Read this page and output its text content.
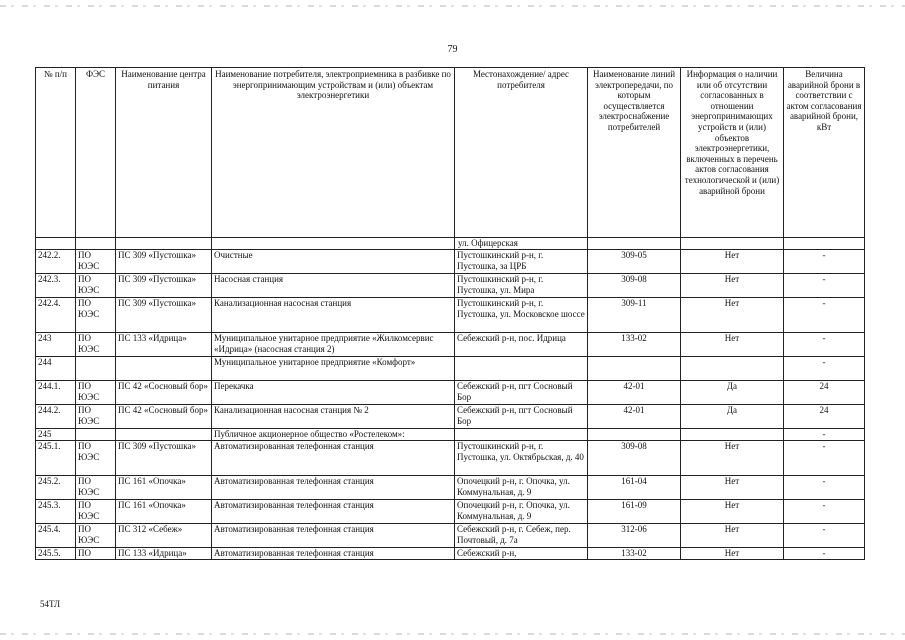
79
№ п/п	ФЭС	Наименование центра питания	Наименование потребителя, электроприемника в разбивке по энергопринимающим устройствам и (или) объектам электроэнергетики	Местонахождение/ адрес потребителя	Наименование линий электропередачи, по которым осуществляется электроснабжение потребителей	Информация о наличии или об отсутствии согласованных в отношении энергопринимающих устройств и (или) объектов электроэнергетики, включенных в перечень актов согласования технологической и (или) аварийной брони	Величина аварийной брони в соответствии с актом согласования аварийной брони, кВт
				ул. Офицерская			
242.2.	ПО ЮЭС	ПС 309 «Пустошка»	Очистные	Пустошкинский р-н, г. Пустошка, за ЦРБ	309-05	Нет	-
242.3.	ПО ЮЭС	ПС 309 «Пустошка»	Насосная станция	Пустошкинский р-н, г. Пустошка, ул. Мира	309-08	Нет	-
242.4.	ПО ЮЭС	ПС 309 «Пустошка»	Канализационная насосная станция	Пустошкинский р-н, г. Пустошка, ул. Московское шоссе	309-11	Нет	-
243	ПО ЮЭС	ПС 133 «Идрица»	Муниципальное унитарное предприятие «Жилкомсервис «Идрица» (насосная станция 2)	Себежский р-н, пос. Идрица	133-02	Нет	-
244			Муниципальное унитарное предприятие «Комфорт»				-
244.1.	ПО ЮЭС	ПС 42 «Сосновый бор»	Перекачка	Себежский р-н, пгт Сосновый Бор	42-01	Да	24
244.2.	ПО ЮЭС	ПС 42 «Сосновый бор»	Канализационная насосная станция № 2	Себежский р-н, пгт Сосновый Бор	42-01	Да	24
245			Публичное акционерное общество «Ростелеком»:				-
245.1.	ПО ЮЭС	ПС 309 «Пустошка»	Автоматизированная телефонная станция	Пустошкинский р-н, г. Пустошка, ул. Октябрьская, д. 40	309-08	Нет	-
245.2.	ПО ЮЭС	ПС 161 «Опочка»	Автоматизированная телефонная станция	Опочецкий р-н, г. Опочка, ул. Коммунальная, д. 9	161-04	Нет	-
245.3.	ПО ЮЭС	ПС 161 «Опочка»	Автоматизированная телефонная станция	Опочецкий р-н, г. Опочка, ул. Коммунальная, д. 9	161-09	Нет	-
245.4.	ПО ЮЭС	ПС 312 «Себеж»	Автоматизированная телефонная станция	Себежский р-н, г. Себеж, пер. Почтовый, д. 7а	312-06	Нет	-
245.5.	ПО	ПС 133 «Идрица»	Автоматизированная телефонная станция	Себежский р-н,	133-02	Нет	-
54ТЛ
